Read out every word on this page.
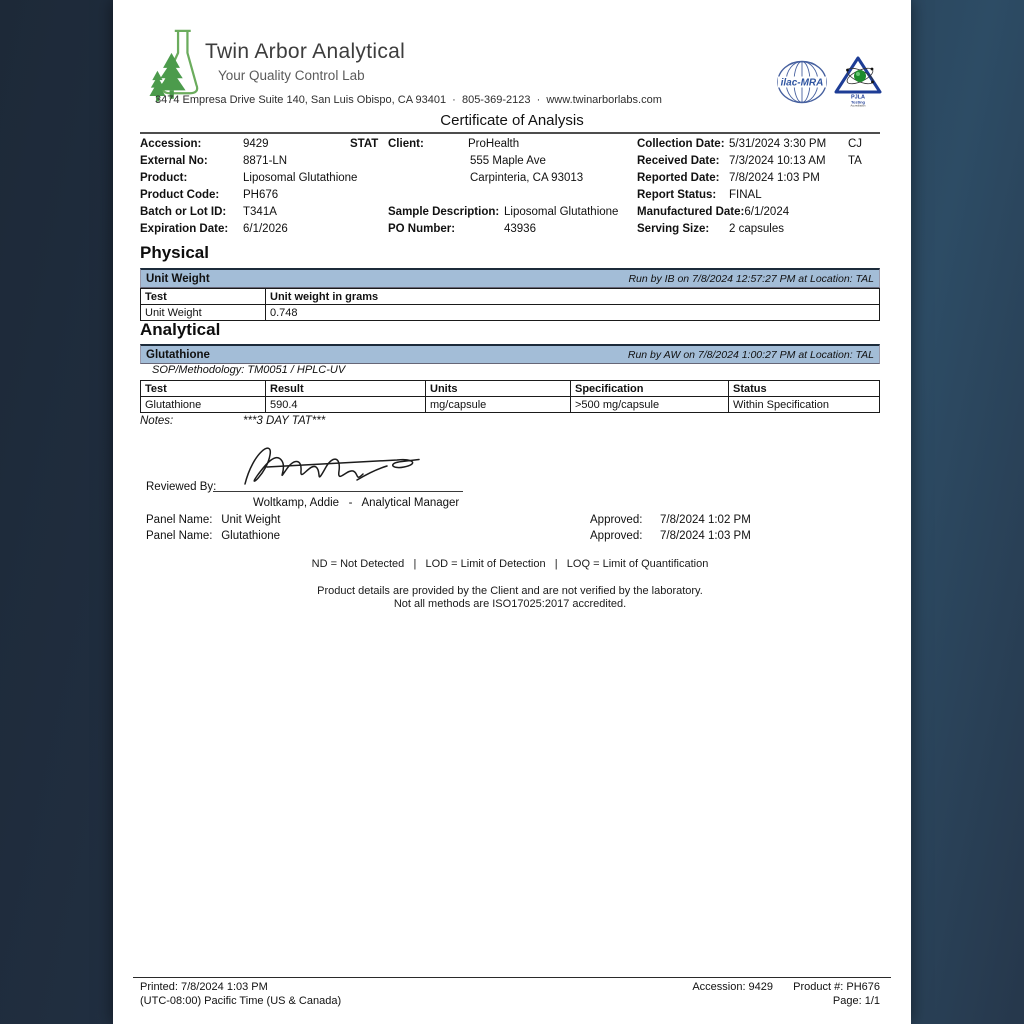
Twin Arbor Analytical
Your Quality Control Lab
3474 Empresa Drive Suite 140, San Luis Obispo, CA 93401  ·  805-369-2123  ·  www.twinarborlabs.com
ilac-MRA
PJLA
Testing
Accreditation
Certificate of Analysis
Accession:	9429	STAT Client:	ProHealth	Collection Date: 5/31/2024 3:30 PM CJ
External No:	8871-LN	555 Maple Ave	Received Date: 7/3/2024 10:13 AM TA
Product:	Liposomal Glutathione	Carpinteria, CA 93013	Reported Date: 7/8/2024 1:03 PM
Product Code: PH676	Report Status: FINAL
Batch or Lot ID: T341A	Sample Description: Liposomal Glutathione Manufactured Date:6/1/2024
Expiration Date: 6/1/2026	PO Number:	43936	Serving Size: 2 capsules
Physical
Unit Weight	Run by IB on 7/8/2024 12:57:27 PM at Location: TAL
Test	Unit weight in grams
Unit Weight	0.748
Analytical
Glutathione	Run by AW on 7/8/2024 1:00:27 PM at Location: TAL
SOP/Methodology: TM0051 / HPLC-UV
Test	Result	Units	Specification	Status
Glutathione	590.4	mg/capsule	>500 mg/capsule	Within Specification
Notes:	***3 DAY TAT***
Reviewed By:
Woltkamp, Addie   -   Analytical Manager
Panel Name: Unit Weight	Approved: 7/8/2024 1:02 PM
Panel Name: Glutathione	Approved: 7/8/2024 1:03 PM
ND = Not Detected   |   LOD = Limit of Detection   |   LOQ = Limit of Quantification
Product details are provided by the Client and are not verified by the laboratory.
Not all methods are ISO17025:2017 accredited.
Printed: 7/8/2024 1:03 PM
(UTC-08:00) Pacific Time (US & Canada)
Accession: 9429 Product #: PH676
Page: 1/1
